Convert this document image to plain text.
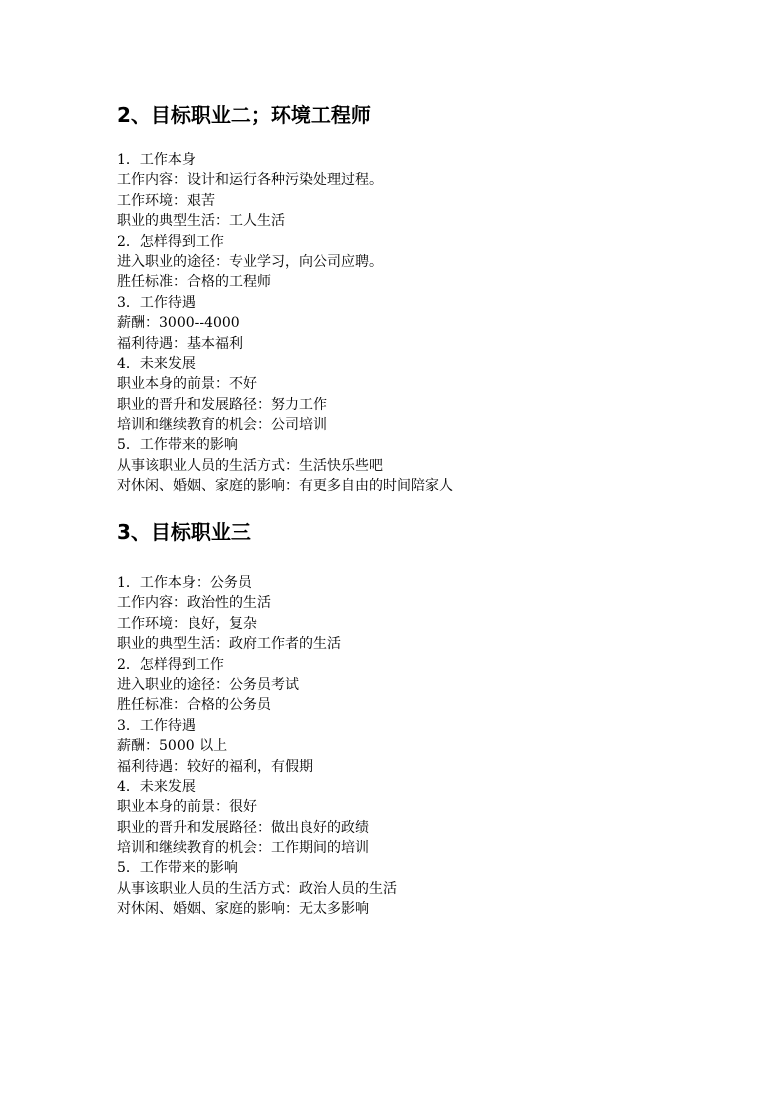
2、目标职业二；环境工程师
1．工作本身
工作内容：设计和运行各种污染处理过程。
工作环境：艰苦
职业的典型生活：工人生活
2．怎样得到工作
进入职业的途径：专业学习，向公司应聘。
胜任标准：合格的工程师
3．工作待遇
薪酬：3000--4000
福利待遇：基本福利
4．未来发展
职业本身的前景：不好
职业的晋升和发展路径：努力工作
培训和继续教育的机会：公司培训
5．工作带来的影响
从事该职业人员的生活方式：生活快乐些吧
对休闲、婚姻、家庭的影响：有更多自由的时间陪家人
3、目标职业三
1．工作本身：公务员
工作内容：政治性的生活
工作环境：良好，复杂
职业的典型生活：政府工作者的生活
2．怎样得到工作
进入职业的途径：公务员考试
胜任标准：合格的公务员
3．工作待遇
薪酬：5000 以上
福利待遇：较好的福利，有假期
4．未来发展
职业本身的前景：很好
职业的晋升和发展路径：做出良好的政绩
培训和继续教育的机会：工作期间的培训
5．工作带来的影响
从事该职业人员的生活方式：政治人员的生活
对休闲、婚姻、家庭的影响：无太多影响
